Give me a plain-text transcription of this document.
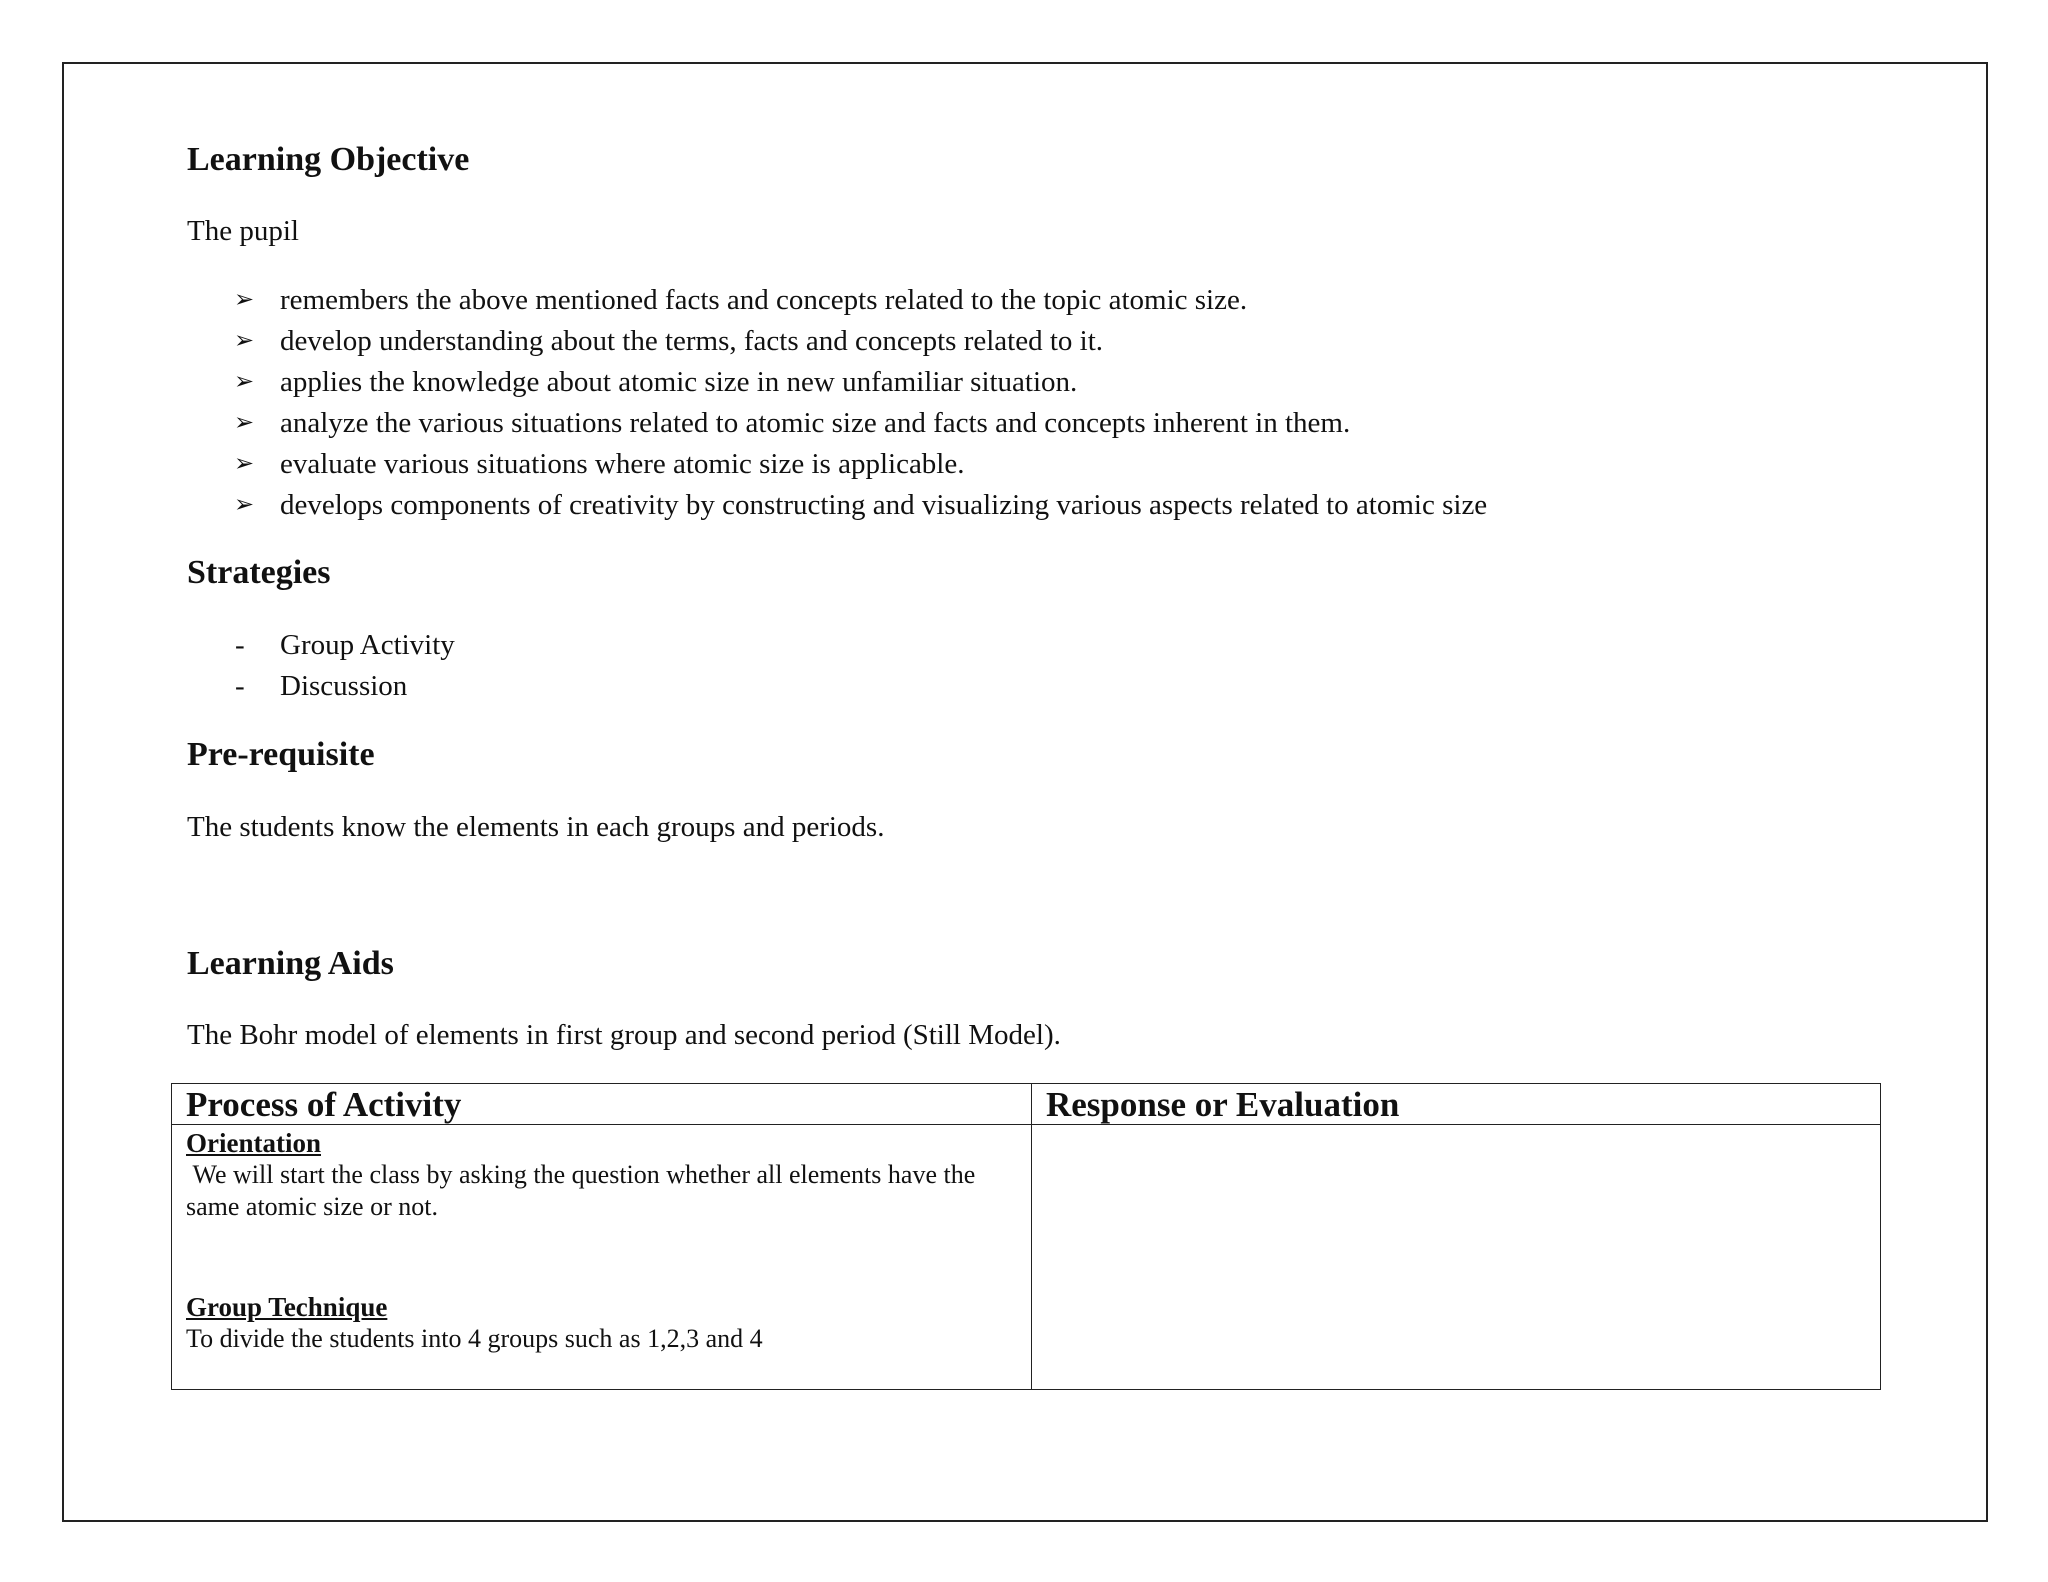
Learning Objective

The pupil

➢ remembers the above mentioned facts and concepts related to the topic atomic size.
➢ develop understanding about the terms, facts and concepts related to it.
➢ applies the knowledge about atomic size in new unfamiliar situation.
➢ analyze the various situations related to atomic size and facts and concepts inherent in them.
➢ evaluate various situations where atomic size is applicable.
➢ develops components of creativity by constructing and visualizing various aspects related to atomic size
Strategies
- Group Activity
- Discussion
Pre-requisite

The students know the elements in each groups and periods.

Learning Aids

The Bohr model of elements in first group and second period (Still Model).

Process of Activity	Response or Evaluation

Orientation
We will start the class by asking the question whether all elements have the same atomic size or not.
Group Technique
To divide the students into 4 groups such as 1,2,3 and 4	
